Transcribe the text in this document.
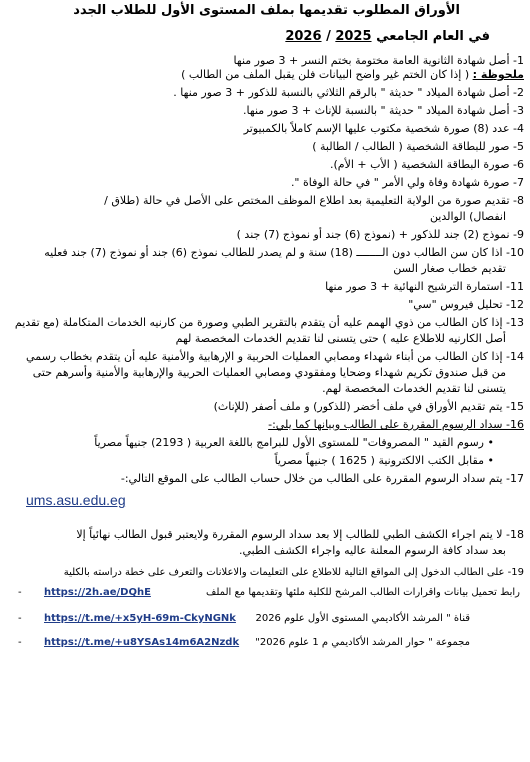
الأوراق المطلوب تقديمها بملف المستوى الأول للطلاب الجدد
في العام الجامعي 2025 / 2026
1- أصل شهادة الثانوية العامة مختومة بختم النسر + 3 صور منها
ملحوظة : ( إذا كان الختم غير واضح البيانات فلن يقبل الملف من الطالب )
2- أصل شهادة الميلاد " حديثة " بالرقم الثلاثي بالنسبة للذكور + 3 صور منها .
3- أصل شهادة الميلاد " حديثة " بالنسبة للإناث + 3 صور منها.
4- عدد (8) صورة شخصية مكتوب عليها الإسم كاملاً بالكمبيوتر
5- صور للبطاقة الشخصية ( الطالب / الطالبة )
6- صورة البطاقة الشخصية ( الأب + الأم).
7- صورة شهادة وفاة ولي الأمر " في حالة الوفاة ".
8- تقديم صورة من الولاية التعليمية بعد اطلاع الموظف المختص على الأصل في حالة (طلاق /
انفصال) الوالدين
9- نموذج (2) جند للذكور + (نموذج (6) جند أو نموذج (7) جند )
10- اذا كان سن الطالب دون الــــــــ (18) سنة و لم يصدر للطالب نموذج (6) جند أو نموذج (7) جند فعليه
تقديم خطاب صغار السن
11- استمارة الترشيح النهائية + 3 صور منها
12- تحليل فيروس "سي"
13- إذا كان الطالب من ذوي الهمم عليه أن يتقدم بالتقرير الطبي وصورة من كارنيه الخدمات المتكاملة (مع تقديم
أصل الكارنيه للاطلاع عليه ) حتى يتسنى لنا تقديم الخدمات المخصصة لهم
14- إذا كان الطالب من أبناء شهداء ومصابي العمليات الحربية و الإرهابية والأمنية عليه أن يتقدم بخطاب رسمي
من قبل صندوق تكريم شهداء وضحايا ومفقودي ومصابي العمليات الحربية والإرهابية والأمنية وأسرهم حتى
يتسنى لنا تقديم الخدمات المخصصة لهم.
15- يتم تقديم الأوراق في ملف أخضر (للذكور) و ملف أصفر (للإناث)
16- سداد الرسوم المقررة على الطالب وبيانها كما يلي:-
• رسوم القيد " المصروفات" للمستوى الأول للبرامج باللغة العربية ( 2193) جنيهاً مصرياً
• مقابل الكتب الالكترونية ( 1625 ) جنيهاً مصرياً
17- يتم سداد الرسوم المقررة على الطالب من خلال حساب الطالب على الموقع التالي:-
ums.asu.edu.eg
18- لا يتم اجراء الكشف الطبي للطالب إلا بعد سداد الرسوم المقررة ولايعتبر قبول الطالب نهائياً إلا
بعد سداد كافة الرسوم المعلنة عاليه واجراء الكشف الطبي.
19- على الطالب الدخول إلى المواقع التالية للاطلاع على التعليمات والاعلانات والتعرف على خطة دراسته بالكلية
رابط تحميل بيانات واقرارات الطالب المرشح للكلية ملئها وتقديمها مع الملف
- https://2h.ae/DQhE
قناة " المرشد الأكاديمي المستوى الأول علوم 2026
- https://t.me/+x5yH-69m-CkyNGNk
مجموعة " حوار المرشد الأكاديمي م 1 علوم 2026"
- https://t.me/+u8YSAs14m6A2Nzdk
